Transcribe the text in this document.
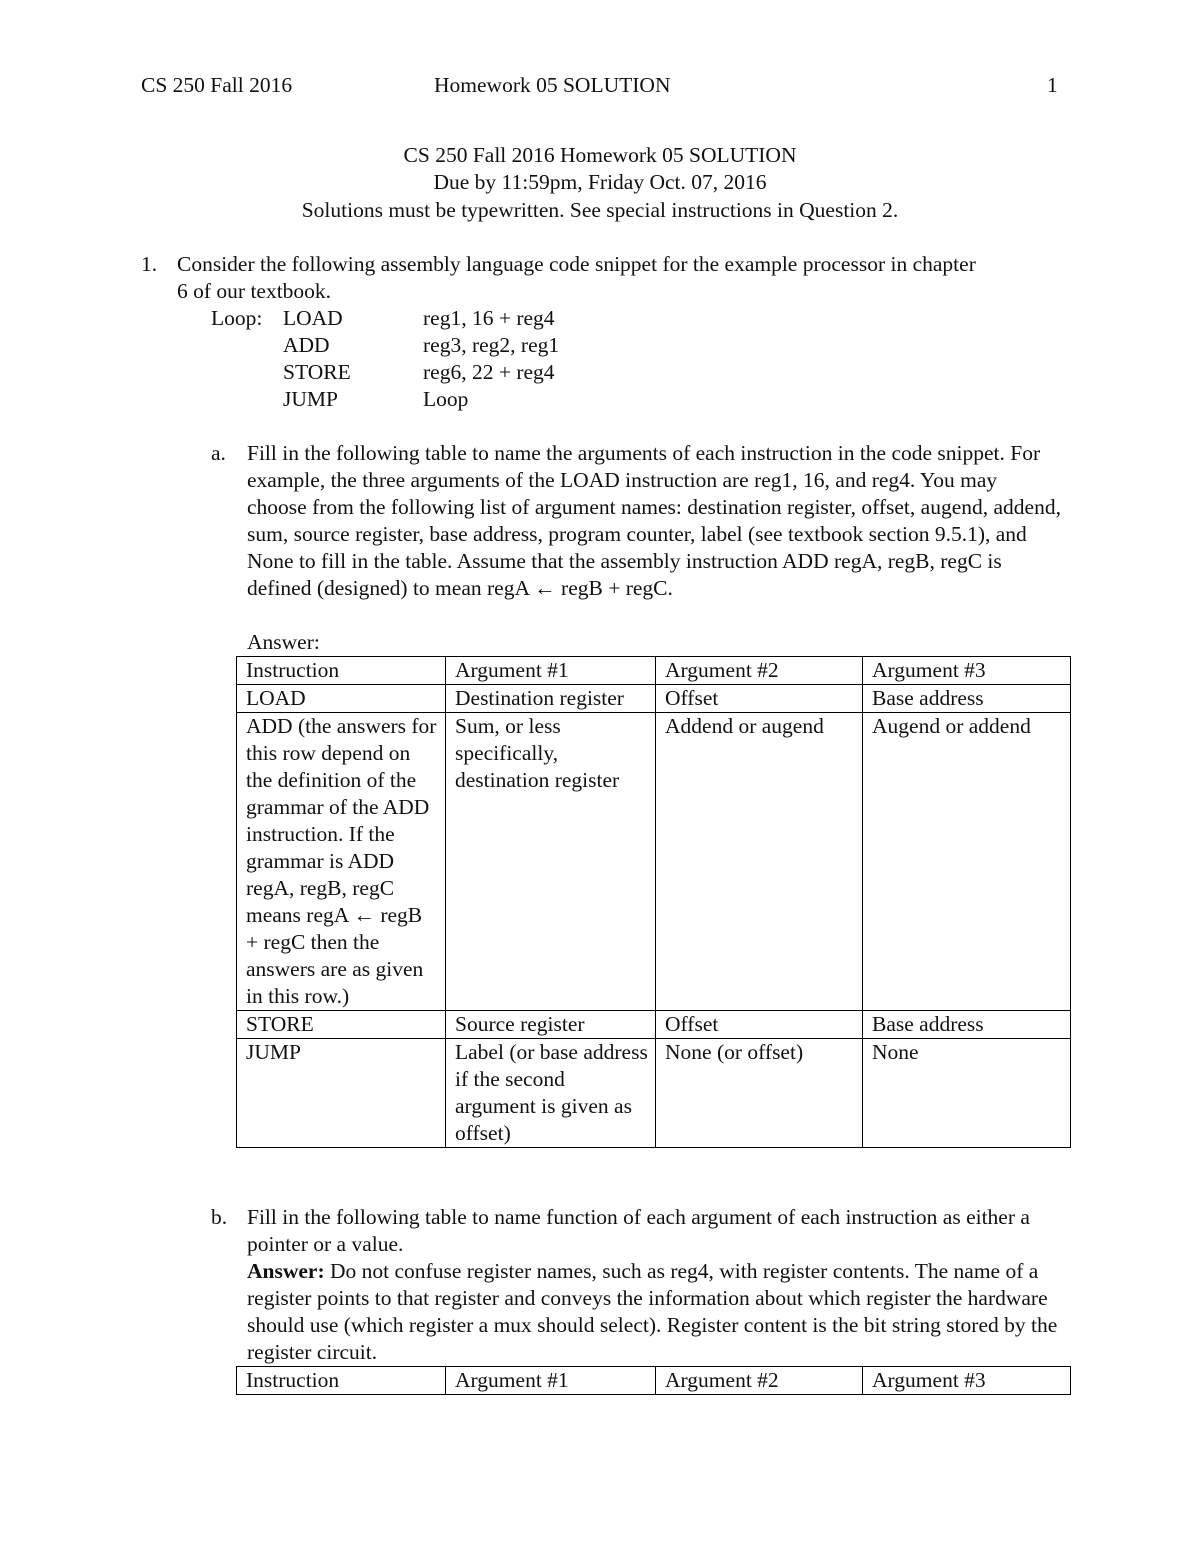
CS 250 Fall 2016	Homework 05 SOLUTION	1
CS 250 Fall 2016 Homework 05 SOLUTION
Due by 11:59pm, Friday Oct. 07, 2016
Solutions must be typewritten. See special instructions in Question 2.
1. Consider the following assembly language code snippet for the example processor in chapter
6 of our textbook.
Loop: LOAD	reg1, 16 + reg4
ADD	reg3, reg2, reg1
STORE	reg6, 22 + reg4
JUMP	Loop
a. Fill in the following table to name the arguments of each instruction in the code snippet. For example, the three arguments of the LOAD instruction are reg1, 16, and reg4. You may choose from the following list of argument names: destination register, offset, augend, addend, sum, source register, base address, program counter, label (see textbook section 9.5.1), and None to fill in the table. Assume that the assembly instruction ADD regA, regB, regC is defined (designed) to mean regA ← regB + regC.
Answer:
Instruction	Argument #1	Argument #2	Argument #3
LOAD	Destination register	Offset	Base address
ADD (the answers for this row depend on the definition of the grammar of the ADD instruction. If the grammar is ADD regA, regB, regC means regA ← regB + regC then the answers are as given in this row.)	Sum, or less specifically, destination register	Addend or augend	Augend or addend
STORE	Source register	Offset	Base address
JUMP	Label (or base address if the second argument is given as offset)	None (or offset)	None
b. Fill in the following table to name function of each argument of each instruction as either a pointer or a value.
Answer: Do not confuse register names, such as reg4, with register contents. The name of a register points to that register and conveys the information about which register the hardware should use (which register a mux should select). Register content is the bit string stored by the register circuit.
Instruction	Argument #1	Argument #2	Argument #3
